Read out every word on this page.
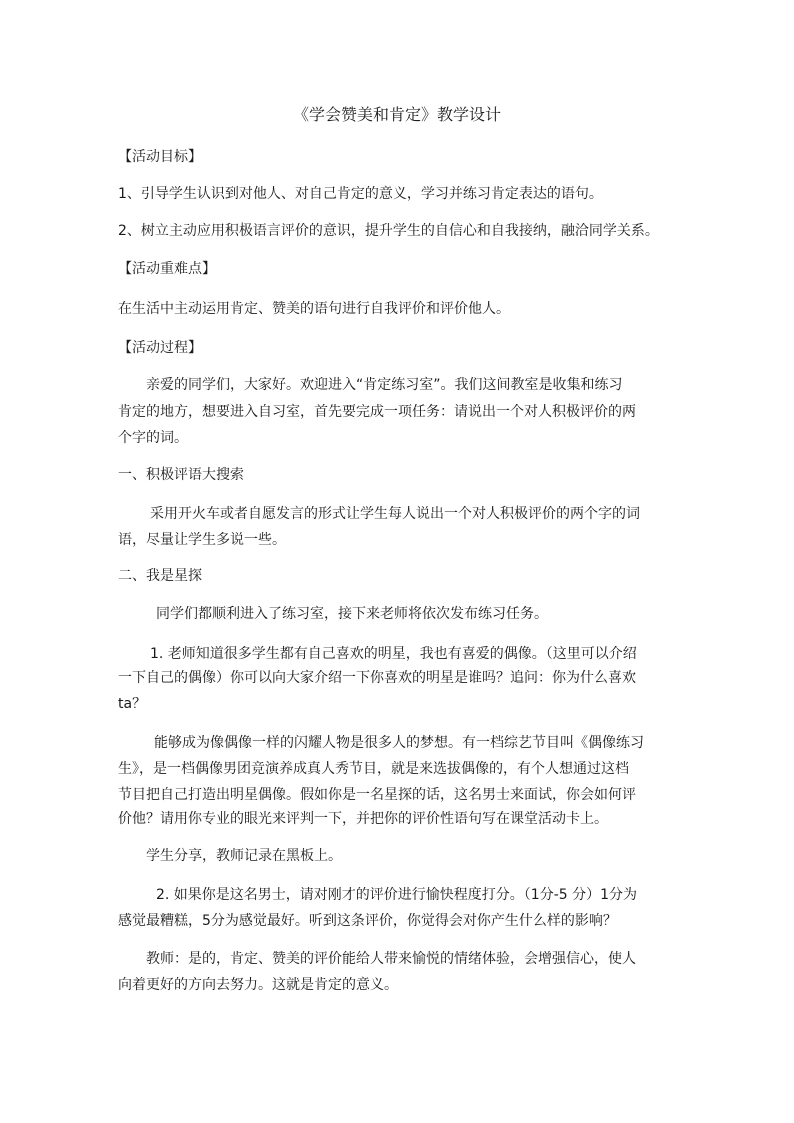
《学会赞美和肯定》教学设计
【活动目标】
1、引导学生认识到对他人、对自己肯定的意义，学习并练习肯定表达的语句。
2、树立主动应用积极语言评价的意识，提升学生的自信心和自我接纳，融洽同学关系。
【活动重难点】
在生活中主动运用肯定、赞美的语句进行自我评价和评价他人。
【活动过程】
亲爱的同学们，大家好。欢迎进入“肯定练习室”。我们这间教室是收集和练习
肯定的地方，想要进入自习室，首先要完成一项任务：请说出一个对人积极评价的两
个字的词。
一、积极评语大搜索
采用开火车或者自愿发言的形式让学生每人说出一个对人积极评价的两个字的词
语，尽量让学生多说一些。
二、我是星探
同学们都顺利进入了练习室，接下来老师将依次发布练习任务。
1. 老师知道很多学生都有自己喜欢的明星，我也有喜爱的偶像。（这里可以介绍
一下自己的偶像）你可以向大家介绍一下你喜欢的明星是谁吗？追问：你为什么喜欢
ta？
能够成为像偶像一样的闪耀人物是很多人的梦想。有一档综艺节目叫《偶像练习
生》，是一档偶像男团竞演养成真人秀节目，就是来选拔偶像的，有个人想通过这档
节目把自己打造出明星偶像。假如你是一名星探的话，这名男士来面试，你会如何评
价他？请用你专业的眼光来评判一下，并把你的评价性语句写在课堂活动卡上。
学生分享，教师记录在黑板上。
2. 如果你是这名男士，请对刚才的评价进行愉快程度打分。（1分-5 分）1分为
感觉最糟糕，5分为感觉最好。听到这条评价，你觉得会对你产生什么样的影响？
教师：是的，肯定、赞美的评价能给人带来愉悦的情绪体验，会增强信心，使人
向着更好的方向去努力。这就是肯定的意义。
